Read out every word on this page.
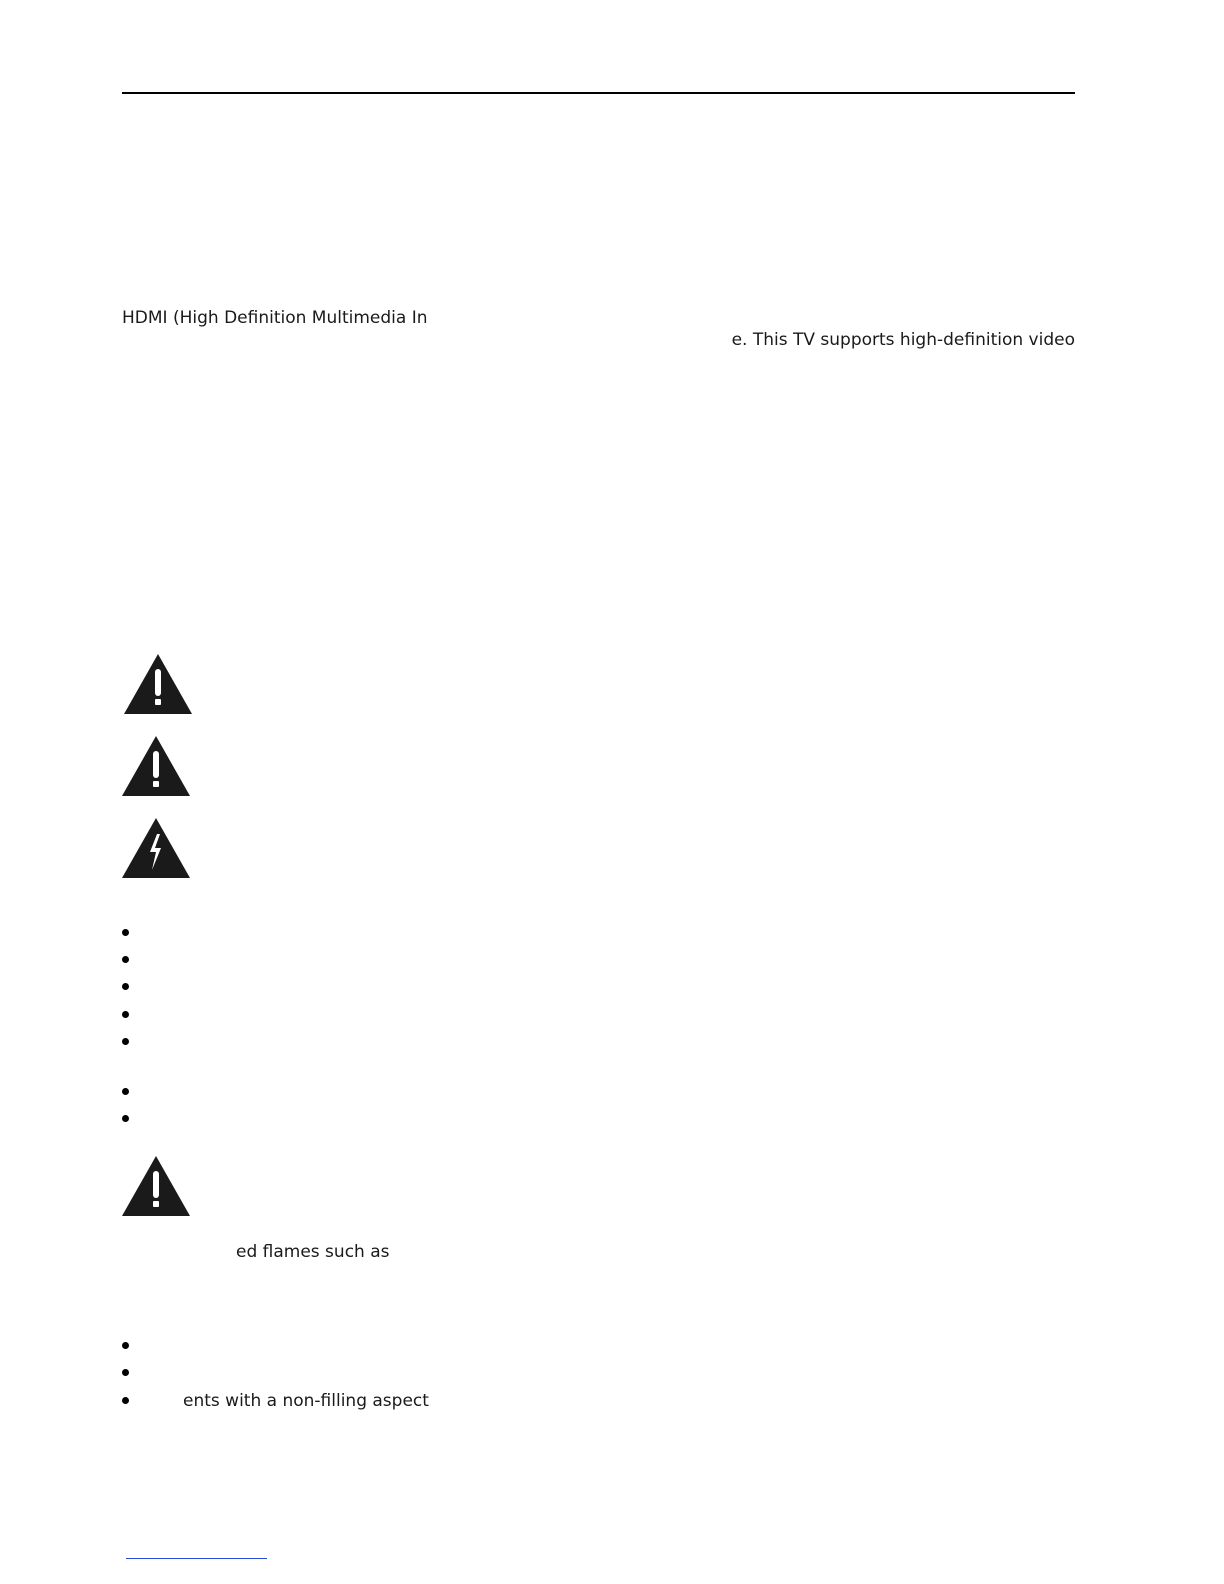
HDMI (High Definition Multimedia In
e. This TV supports high-definition video
ed flames such as
ents with a non-filling aspect
